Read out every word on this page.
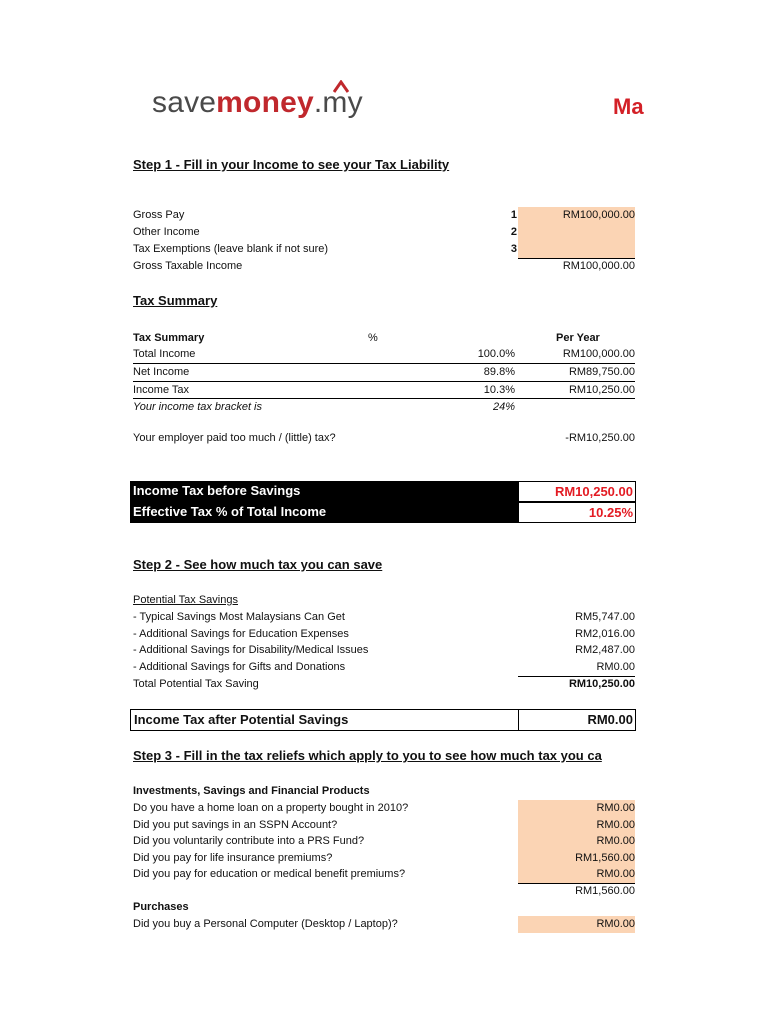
savemoney.my	Ma
Step 1 - Fill in your Income to see your Tax Liability
Gross Pay	1	RM100,000.00
Other Income	2
Tax Exemptions (leave blank if not sure)	3
Gross Taxable Income	RM100,000.00
Tax Summary
Tax Summary	%	Per Year
Total Income	100.0%	RM100,000.00
Net Income	89.8%	RM89,750.00
Income Tax	10.3%	RM10,250.00
Your income tax bracket is	24%
Your employer paid too much / (little) tax?	-RM10,250.00
Income Tax before Savings	RM10,250.00
Effective Tax % of Total Income	10.25%
Step 2 - See how much tax you can save
Potential Tax Savings
- Typical Savings Most Malaysians Can Get	RM5,747.00
- Additional Savings for Education Expenses	RM2,016.00
- Additional Savings for Disability/Medical Issues	RM2,487.00
- Additional Savings for Gifts and Donations	RM0.00
Total Potential Tax Saving	RM10,250.00
Income Tax after Potential Savings	RM0.00
Step 3 - Fill in the tax reliefs which apply to you to see how much tax you ca
Investments, Savings and Financial Products
Do you have a home loan on a property bought in 2010?	RM0.00
Did you put savings in an SSPN Account?	RM0.00
Did you voluntarily contribute into a PRS Fund?	RM0.00
Did you pay for life insurance premiums?	RM1,560.00
Did you pay for education or medical benefit premiums?	RM0.00
RM1,560.00
Purchases
Did you buy a Personal Computer (Desktop / Laptop)?	RM0.00
